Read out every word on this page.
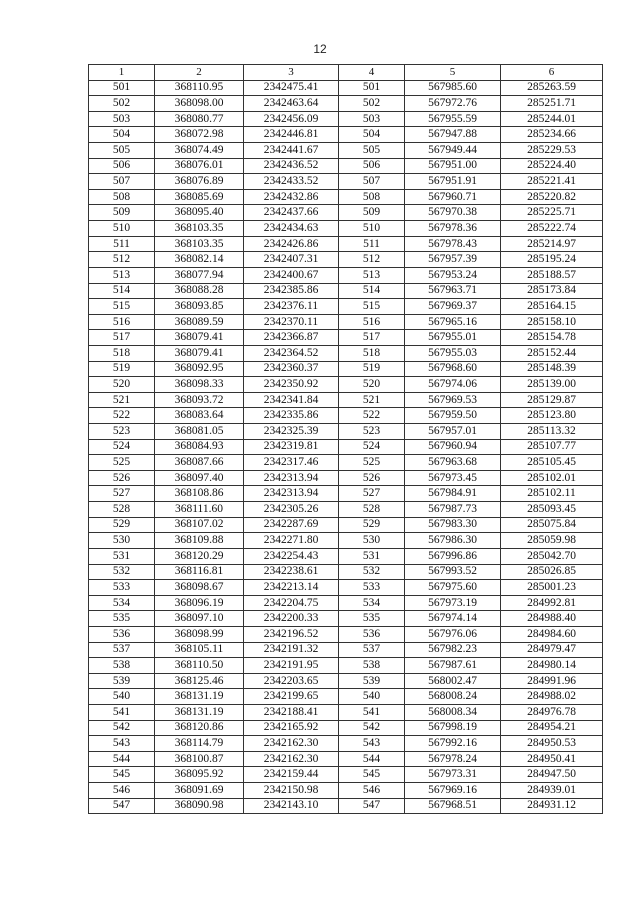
12
1	2	3	4	5	6
501	368110.95	2342475.41	501	567985.60	285263.59
502	368098.00	2342463.64	502	567972.76	285251.71
503	368080.77	2342456.09	503	567955.59	285244.01
504	368072.98	2342446.81	504	567947.88	285234.66
505	368074.49	2342441.67	505	567949.44	285229.53
506	368076.01	2342436.52	506	567951.00	285224.40
507	368076.89	2342433.52	507	567951.91	285221.41
508	368085.69	2342432.86	508	567960.71	285220.82
509	368095.40	2342437.66	509	567970.38	285225.71
510	368103.35	2342434.63	510	567978.36	285222.74
511	368103.35	2342426.86	511	567978.43	285214.97
512	368082.14	2342407.31	512	567957.39	285195.24
513	368077.94	2342400.67	513	567953.24	285188.57
514	368088.28	2342385.86	514	567963.71	285173.84
515	368093.85	2342376.11	515	567969.37	285164.15
516	368089.59	2342370.11	516	567965.16	285158.10
517	368079.41	2342366.87	517	567955.01	285154.78
518	368079.41	2342364.52	518	567955.03	285152.44
519	368092.95	2342360.37	519	567968.60	285148.39
520	368098.33	2342350.92	520	567974.06	285139.00
521	368093.72	2342341.84	521	567969.53	285129.87
522	368083.64	2342335.86	522	567959.50	285123.80
523	368081.05	2342325.39	523	567957.01	285113.32
524	368084.93	2342319.81	524	567960.94	285107.77
525	368087.66	2342317.46	525	567963.68	285105.45
526	368097.40	2342313.94	526	567973.45	285102.01
527	368108.86	2342313.94	527	567984.91	285102.11
528	368111.60	2342305.26	528	567987.73	285093.45
529	368107.02	2342287.69	529	567983.30	285075.84
530	368109.88	2342271.80	530	567986.30	285059.98
531	368120.29	2342254.43	531	567996.86	285042.70
532	368116.81	2342238.61	532	567993.52	285026.85
533	368098.67	2342213.14	533	567975.60	285001.23
534	368096.19	2342204.75	534	567973.19	284992.81
535	368097.10	2342200.33	535	567974.14	284988.40
536	368098.99	2342196.52	536	567976.06	284984.60
537	368105.11	2342191.32	537	567982.23	284979.47
538	368110.50	2342191.95	538	567987.61	284980.14
539	368125.46	2342203.65	539	568002.47	284991.96
540	368131.19	2342199.65	540	568008.24	284988.02
541	368131.19	2342188.41	541	568008.34	284976.78
542	368120.86	2342165.92	542	567998.19	284954.21
543	368114.79	2342162.30	543	567992.16	284950.53
544	368100.87	2342162.30	544	567978.24	284950.41
545	368095.92	2342159.44	545	567973.31	284947.50
546	368091.69	2342150.98	546	567969.16	284939.01
547	368090.98	2342143.10	547	567968.51	284931.12
